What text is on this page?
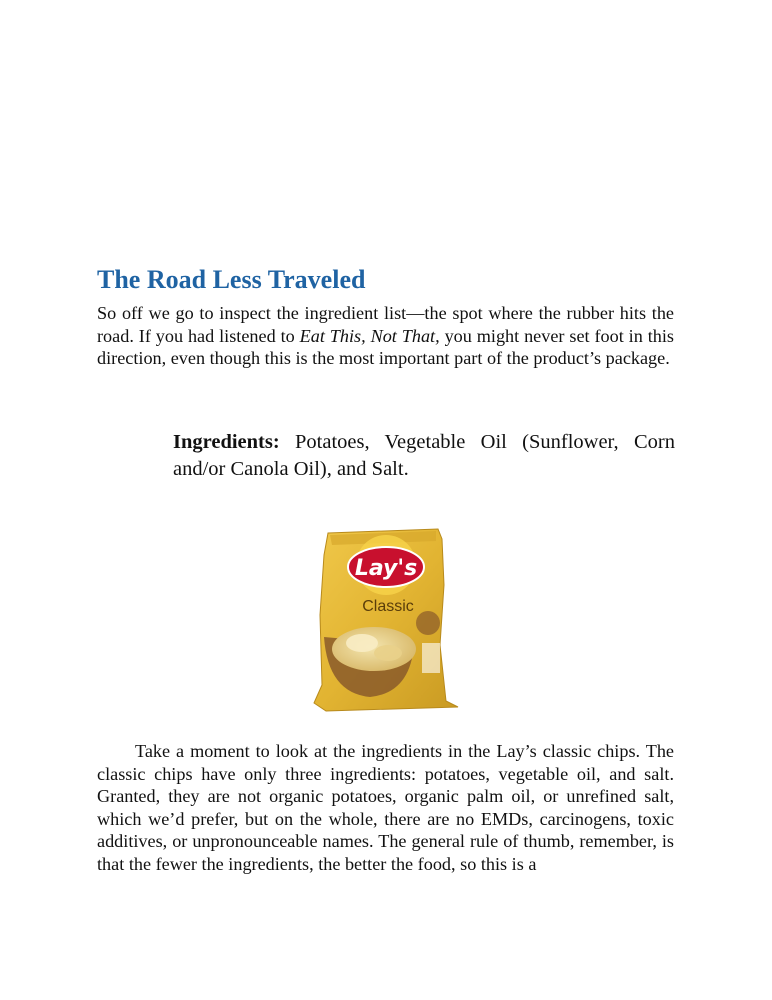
The Road Less Traveled

So off we go to inspect the ingredient list—the spot where the rubber hits the road. If you had listened to Eat This, Not That, you might never set foot in this direction, even though this is the most important part of the product’s package.

Ingredients: Potatoes, Vegetable Oil (Sunflower, Corn and/or Canola Oil), and Salt.

Lay's
Classic

Take a moment to look at the ingredients in the Lay’s classic chips. The classic chips have only three ingredients: potatoes, vegetable oil, and salt. Granted, they are not organic potatoes, organic palm oil, or unrefined salt, which we’d prefer, but on the whole, there are no EMDs, carcinogens, toxic additives, or unpronounceable names. The general rule of thumb, remember, is that the fewer the ingredients, the better the food, so this is a
